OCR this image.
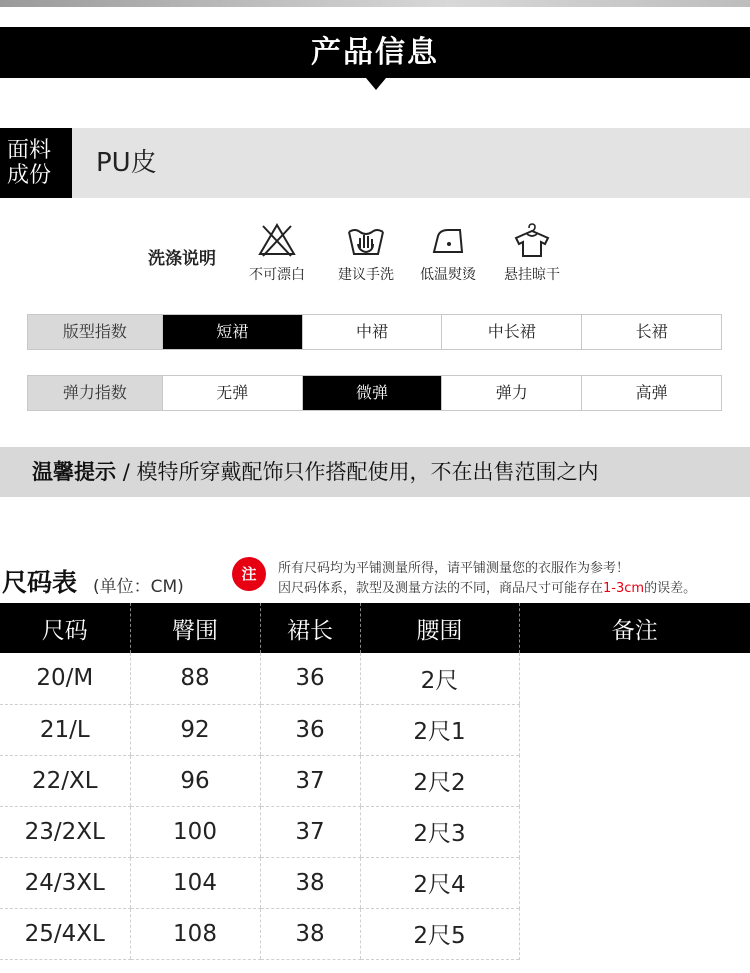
产品信息
面料
成份	PU皮
洗涤说明
不可漂白	建议手洗	低温熨烫	悬挂晾干
版型指数	短裙	中裙	中长裙	长裙
弹力指数	无弹	微弹	弹力	高弹
温馨提示 / 模特所穿戴配饰只作搭配使用，不在出售范围之内
尺码表 (单位：CM)
注	所有尺码均为平铺测量所得，请平铺测量您的衣服作为参考！
因尺码体系，款型及测量方法的不同，商品尺寸可能存在1-3cm的误差。
尺码	臀围	裙长	腰围	备注
20/M	88	36	2尺	
21/L	92	36	2尺1	
22/XL	96	37	2尺2	
23/2XL	100	37	2尺3	
24/3XL	104	38	2尺4	
25/4XL	108	38	2尺5	
